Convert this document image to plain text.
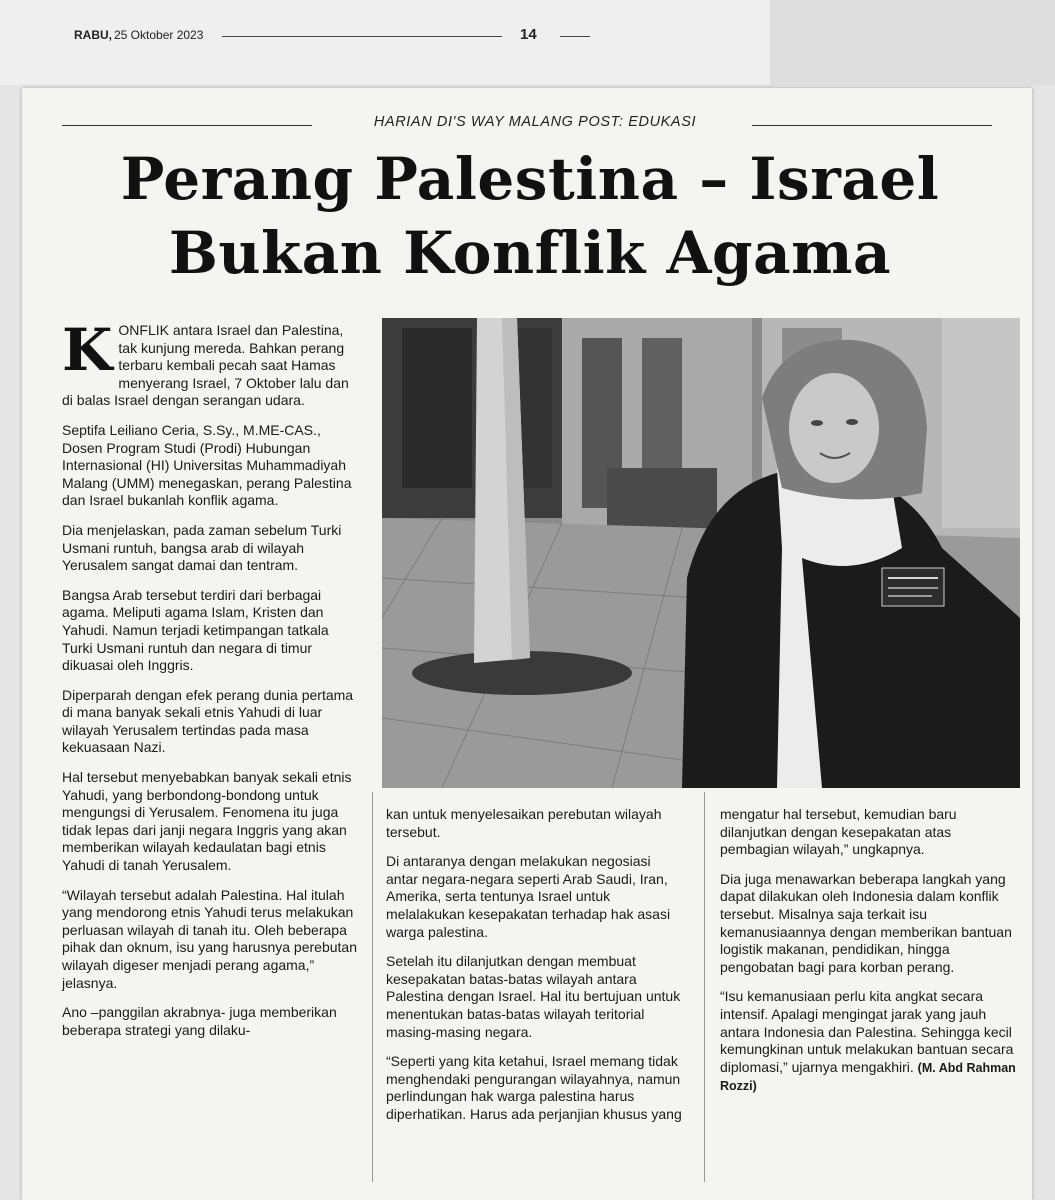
RABU, 25 Oktober 2023	14
HARIAN DI'S WAY MALANG POST: EDUKASI
Perang Palestina – Israel
Bukan Konflik Agama

KONFLIK antara Israel dan Palestina, tak kunjung mereda. Bahkan perang terbaru kembali pecah saat Hamas menyerang Israel, 7 Oktober lalu dan di balas Israel dengan serangan udara.

Septifa Leiliano Ceria, S.Sy., M.ME-CAS., Dosen Program Studi (Prodi) Hubungan Internasional (HI) Universitas Muhammadiyah Malang (UMM) menegaskan, perang Palestina dan Israel bukanlah konflik agama.

Dia menjelaskan, pada zaman sebelum Turki Usmani runtuh, bangsa arab di wilayah Yerusalem sangat damai dan tentram.

Bangsa Arab tersebut terdiri dari berbagai agama. Meliputi agama Islam, Kristen dan Yahudi. Namun terjadi ketimpangan tatkala Turki Usmani runtuh dan negara di timur dikuasai oleh Inggris.

Diperparah dengan efek perang dunia pertama di mana banyak sekali etnis Yahudi di luar wilayah Yerusalem tertindas pada masa kekuasaan Nazi.

Hal tersebut menyebabkan banyak sekali etnis Yahudi, yang berbondong-bondong untuk mengungsi di Yerusalem. Fenomena itu juga tidak lepas dari janji negara Inggris yang akan memberikan wilayah kedaulatan bagi etnis Yahudi di tanah Yerusalem.

“Wilayah tersebut adalah Palestina. Hal itulah yang mendorong etnis Yahudi terus melakukan perluasan wilayah di tanah itu. Oleh beberapa pihak dan oknum, isu yang harusnya perebutan wilayah digeser menjadi perang agama,” jelasnya.

Ano –panggilan akrabnya- juga memberikan beberapa strategi yang dilaku-

kan untuk menyelesaikan perebutan wilayah tersebut.

Di antaranya dengan melakukan negosiasi antar negara-negara seperti Arab Saudi, Iran, Amerika, serta tentunya Israel untuk melalakukan kesepakatan terhadap hak asasi warga palestina.

Setelah itu dilanjutkan dengan membuat kesepakatan batas-batas wilayah antara Palestina dengan Israel. Hal itu bertujuan untuk menentukan batas-batas wilayah teritorial masing-masing negara.

“Seperti yang kita ketahui, Israel memang tidak menghendaki pengurangan wilayahnya, namun perlindungan hak warga palestina harus diperhatikan. Harus ada perjanjian khusus yang

mengatur hal tersebut, kemudian baru dilanjutkan dengan kesepakatan atas pembagian wilayah,” ungkapnya.

Dia juga menawarkan beberapa langkah yang dapat dilakukan oleh Indonesia dalam konflik tersebut. Misalnya saja terkait isu kemanusiaannya dengan memberikan bantuan logistik makanan, pendidikan, hingga pengobatan bagi para korban perang.

“Isu kemanusiaan perlu kita angkat secara intensif. Apalagi mengingat jarak yang jauh antara Indonesia dan Palestina. Sehingga kecil kemungkinan untuk melakukan bantuan secara diplomasi,” ujarnya mengakhiri. (M. Abd Rahman Rozzi)
